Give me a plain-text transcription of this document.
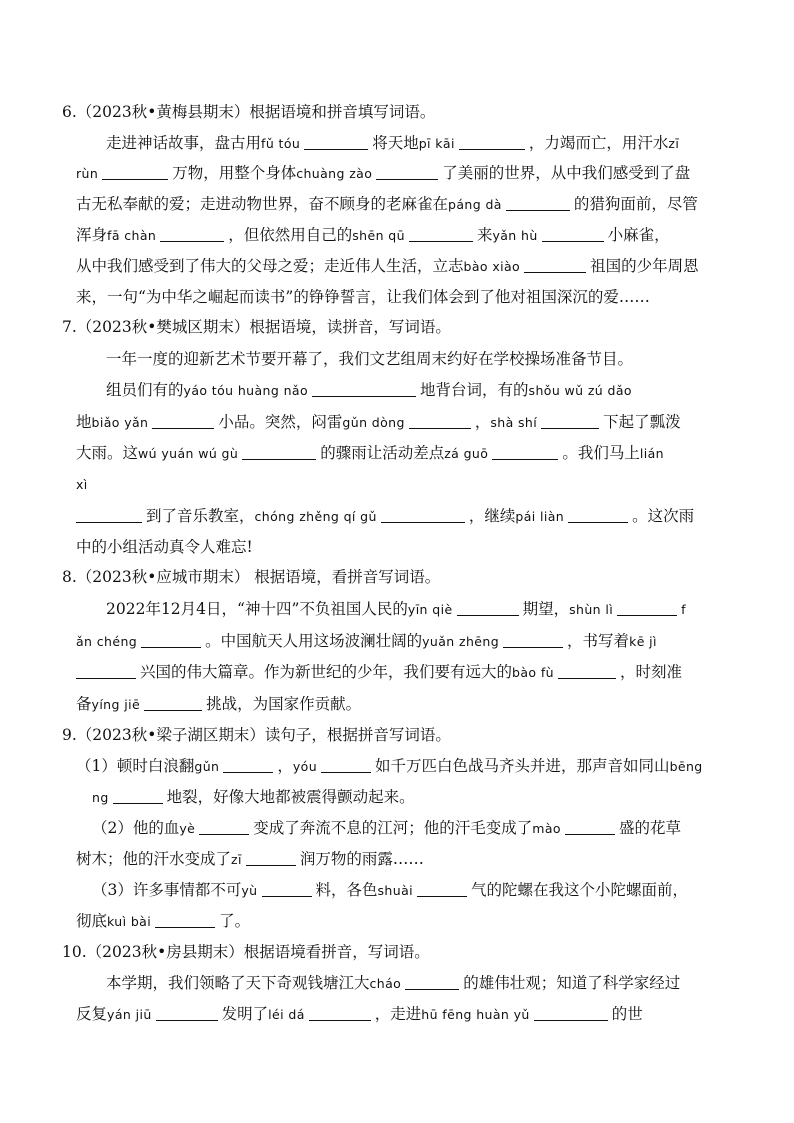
6.（2023秋•黄梅县期末）根据语境和拼音填写词语。
走进神话故事，盘古用fǔ tóu	将天地pī kāi	，力竭而亡，用汗水zī
rùn	万物，用整个身体chuàng zào	了美丽的世界，从中我们感受到了盘
古无私奉献的爱；走进动物世界，奋不顾身的老麻雀在páng dà	的猎狗面前，尽管
浑身fā chàn	，但依然用自己的shēn qū	来yǎn hù	小麻雀，
从中我们感受到了伟大的父母之爱；走近伟人生活，立志bào xiào	祖国的少年周恩
来，一句“为中华之崛起而读书”的铮铮誓言，让我们体会到了他对祖国深沉的爱……
7.（2023秋•樊城区期末）根据语境，读拼音，写词语。
一年一度的迎新艺术节要开幕了，我们文艺组周末约好在学校操场准备节目。
组员们有的yáo tóu huàng nǎo	地背台词，有的shǒu wǔ zú dǎo
地biǎo yǎn	小品。突然，闷雷gǔn dòng	，shà shí	下起了瓢泼
大雨。这wú yuán wú gù	的骤雨让活动差点zá guō	。我们马上lián
xì
到了音乐教室，chóng zhěng qí gǔ	，继续pái liàn	。这次雨
中的小组活动真令人难忘!
8.（2023秋•应城市期末） 根据语境，看拼音写词语。
2022年12月4日，“神十四”不负祖国人民的yīn qiè	期望，shùn lì	f
ǎn chéng	。中国航天人用这场波澜壮阔的yuǎn zhēng	，书写着kē jì
兴国的伟大篇章。作为新世纪的少年，我们要有远大的bào fù	，时刻准
备yíng jiē	挑战，为国家作贡献。
9.（2023秋•梁子湖区期末）读句子，根据拼音写词语。
（1）顿时白浪翻gǔn	，yóu	如千万匹白色战马齐头并进，那声音如同山bēng
ng	地裂，好像大地都被震得颤动起来。
（2）他的血yè	变成了奔流不息的江河；他的汗毛变成了mào	盛的花草
树木；他的汗水变成了zī	润万物的雨露……
（3）许多事情都不可yù	料，各色shuài	气的陀螺在我这个小陀螺面前，
彻底kuì bài	了。
10.（2023秋•房县期末）根据语境看拼音，写词语。
本学期，我们领略了天下奇观钱塘江大cháo	的雄伟壮观；知道了科学家经过
反复yán jiū	发明了léi dá	，走进hū fēng huàn yǔ	的世
